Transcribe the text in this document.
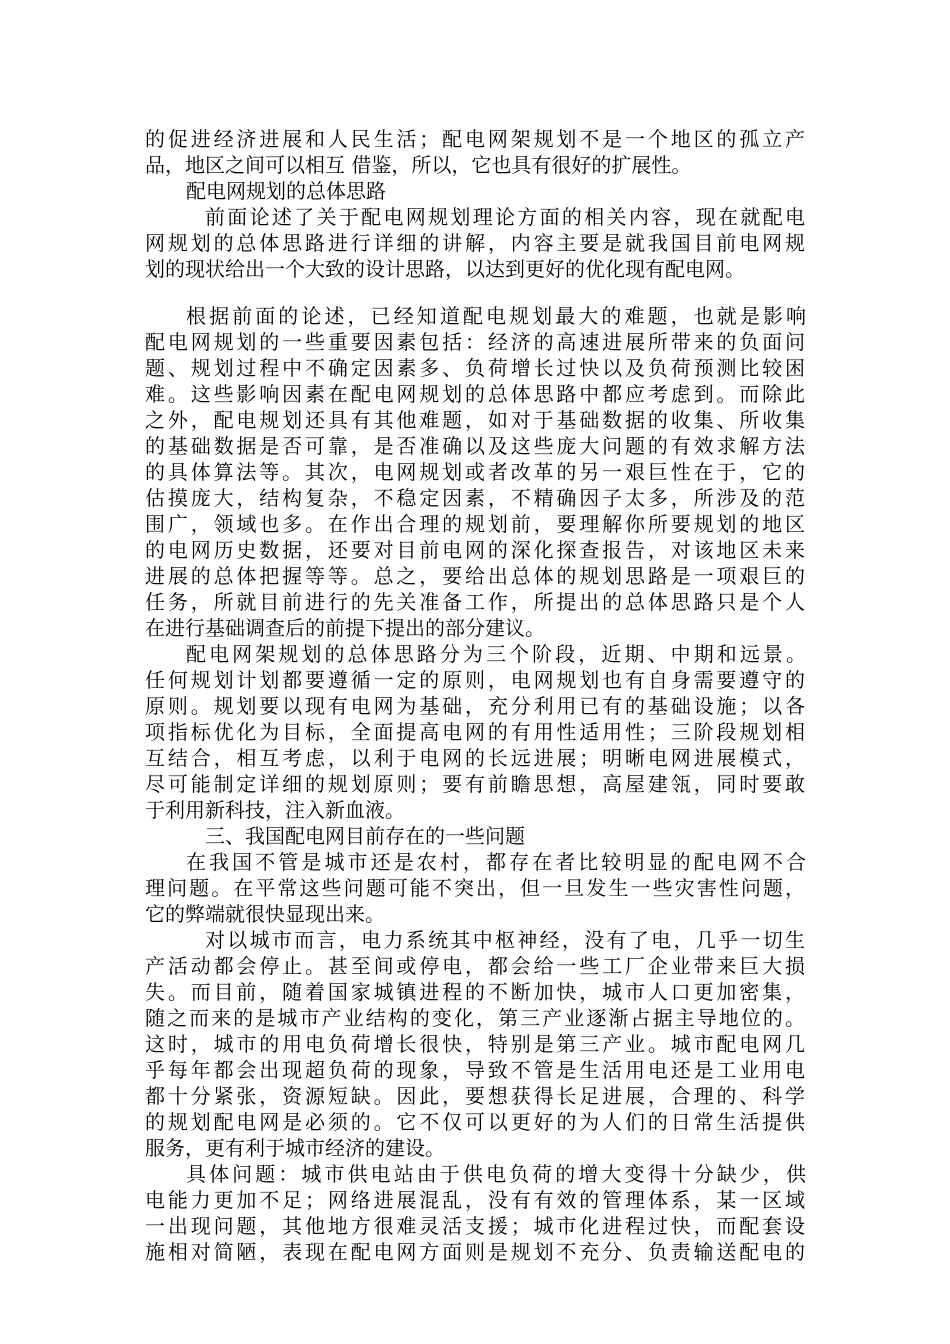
的促进经济进展和人民生活；配电网架规划不是一个地区的孤立产
品，地区之间可以相互 借鉴，所以，它也具有很好的扩展性。
配电网规划的总体思路
前面论述了关于配电网规划理论方面的相关内容，现在就配电
网规划的总体思路进行详细的讲解，内容主要是就我国目前电网规
划的现状给出一个大致的设计思路，以达到更好的优化现有配电网。
根据前面的论述，已经知道配电规划最大的难题，也就是影响
配电网规划的一些重要因素包括：经济的高速进展所带来的负面问
题、规划过程中不确定因素多、负荷增长过快以及负荷预测比较困
难。这些影响因素在配电网规划的总体思路中都应考虑到。而除此
之外，配电规划还具有其他难题，如对于基础数据的收集、所收集
的基础数据是否可靠，是否准确以及这些庞大问题的有效求解方法
的具体算法等。其次，电网规划或者改革的另一艰巨性在于，它的
估摸庞大，结构复杂，不稳定因素，不精确因子太多，所涉及的范
围广，领域也多。在作出合理的规划前，要理解你所要规划的地区
的电网历史数据，还要对目前电网的深化探查报告，对该地区未来
进展的总体把握等等。总之，要给出总体的规划思路是一项艰巨的
任务，所就目前进行的先关准备工作，所提出的总体思路只是个人
在进行基础调查后的前提下提出的部分建议。
配电网架规划的总体思路分为三个阶段，近期、中期和远景。
任何规划计划都要遵循一定的原则，电网规划也有自身需要遵守的
原则。规划要以现有电网为基础，充分利用已有的基础设施；以各
项指标优化为目标，全面提高电网的有用性适用性；三阶段规划相
互结合，相互考虑，以利于电网的长远进展；明晰电网进展模式，
尽可能制定详细的规划原则；要有前瞻思想，高屋建瓴，同时要敢
于利用新科技，注入新血液。
三、我国配电网目前存在的一些问题
在我国不管是城市还是农村，都存在者比较明显的配电网不合
理问题。在平常这些问题可能不突出，但一旦发生一些灾害性问题，
它的弊端就很快显现出来。
对以城市而言，电力系统其中枢神经，没有了电，几乎一切生
产活动都会停止。甚至间或停电，都会给一些工厂企业带来巨大损
失。而目前，随着国家城镇进程的不断加快，城市人口更加密集，
随之而来的是城市产业结构的变化，第三产业逐渐占据主导地位的。
这时，城市的用电负荷增长很快，特别是第三产业。城市配电网几
乎每年都会出现超负荷的现象，导致不管是生活用电还是工业用电
都十分紧张，资源短缺。因此，要想获得长足进展，合理的、科学
的规划配电网是必须的。它不仅可以更好的为人们的日常生活提供
服务，更有利于城市经济的建设。
具体问题：城市供电站由于供电负荷的增大变得十分缺少，供
电能力更加不足；网络进展混乱，没有有效的管理体系，某一区域
一出现问题，其他地方很难灵活支援；城市化进程过快，而配套设
施相对简陋，表现在配电网方面则是规划不充分、负责输送配电的
